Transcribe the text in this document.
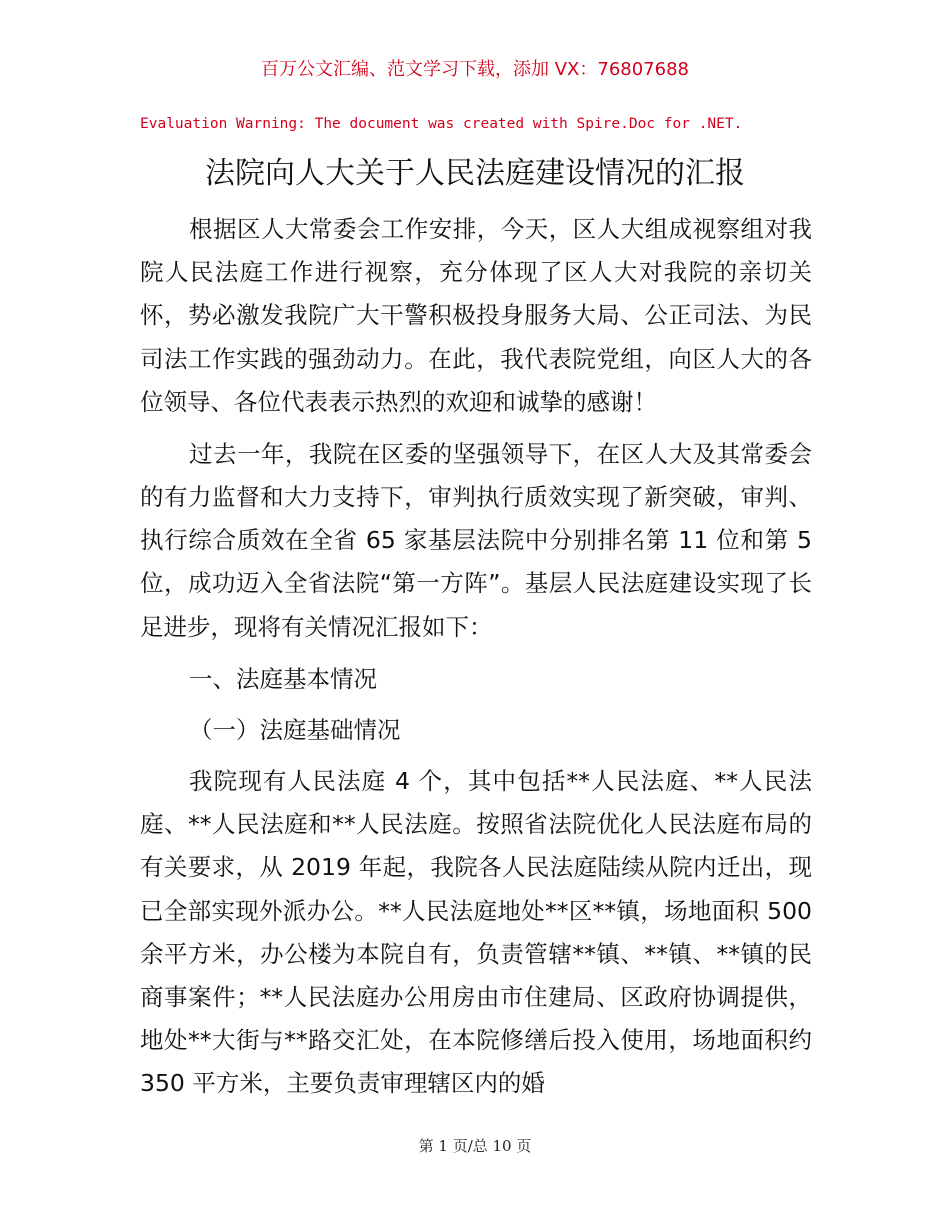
百万公文汇编、范文学习下载，添加 VX：76807688
Evaluation Warning: The document was created with Spire.Doc for .NET.
法院向人大关于人民法庭建设情况的汇报

根据区人大常委会工作安排，今天，区人大组成视察组对我院人民法庭工作进行视察，充分体现了区人大对我院的亲切关怀，势必激发我院广大干警积极投身服务大局、公正司法、为民司法工作实践的强劲动力。在此，我代表院党组，向区人大的各位领导、各位代表表示热烈的欢迎和诚挚的感谢！

过去一年，我院在区委的坚强领导下，在区人大及其常委会的有力监督和大力支持下，审判执行质效实现了新突破，审判、执行综合质效在全省 65 家基层法院中分别排名第 11 位和第 5 位，成功迈入全省法院“第一方阵”。基层人民法庭建设实现了长足进步，现将有关情况汇报如下：

一、法庭基本情况

（一）法庭基础情况

我院现有人民法庭 4 个，其中包括**人民法庭、**人民法庭、**人民法庭和**人民法庭。按照省法院优化人民法庭布局的有关要求，从 2019 年起，我院各人民法庭陆续从院内迁出，现已全部实现外派办公。**人民法庭地处**区**镇，场地面积 500 余平方米，办公楼为本院自有，负责管辖**镇、**镇、**镇的民商事案件；**人民法庭办公用房由市住建局、区政府协调提供，地处**大街与**路交汇处，在本院修缮后投入使用，场地面积约 350 平方米，主要负责审理辖区内的婚

第 1 页/总 10 页
